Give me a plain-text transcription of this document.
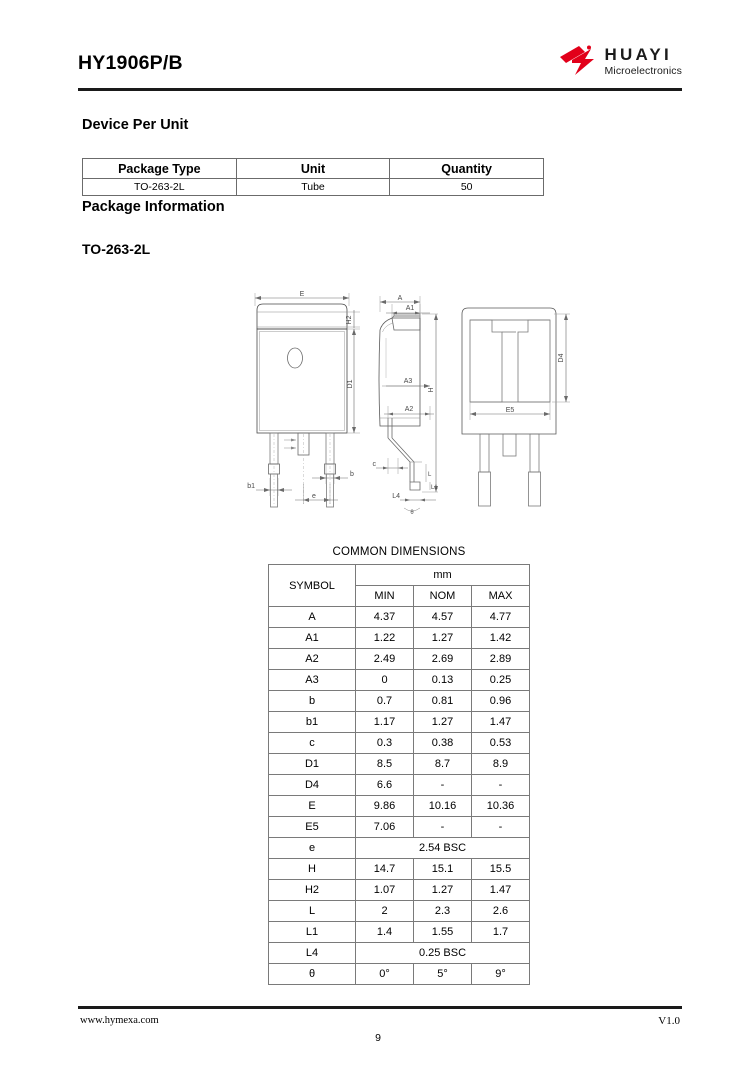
HY1906P/B	HUAYI
Microelectronics
Device Per Unit
Package Type	Unit	Quantity
TO-263-2L	Tube	50
Package Information
TO-263-2L
E
D1
H2
b1
b
e
A
A1
A3
A2
H
c
L4
L
L1
θ
D4
E5
COMMON DIMENSIONS
SYMBOL	mm		
	MIN	NOM	MAX
A	4.37	4.57	4.77
A1	1.22	1.27	1.42
A2	2.49	2.69	2.89
A3	0	0.13	0.25
b	0.7	0.81	0.96
b1	1.17	1.27	1.47
c	0.3	0.38	0.53
D1	8.5	8.7	8.9
D4	6.6	-	-
E	9.86	10.16	10.36
E5	7.06	-	-
e	2.54 BSC		
H	14.7	15.1	15.5
H2	1.07	1.27	1.47
L	2	2.3	2.6
L1	1.4	1.55	1.7
L4	0.25 BSC		
θ	0°	5°	9°
www.hymexa.com	V1.0
9
